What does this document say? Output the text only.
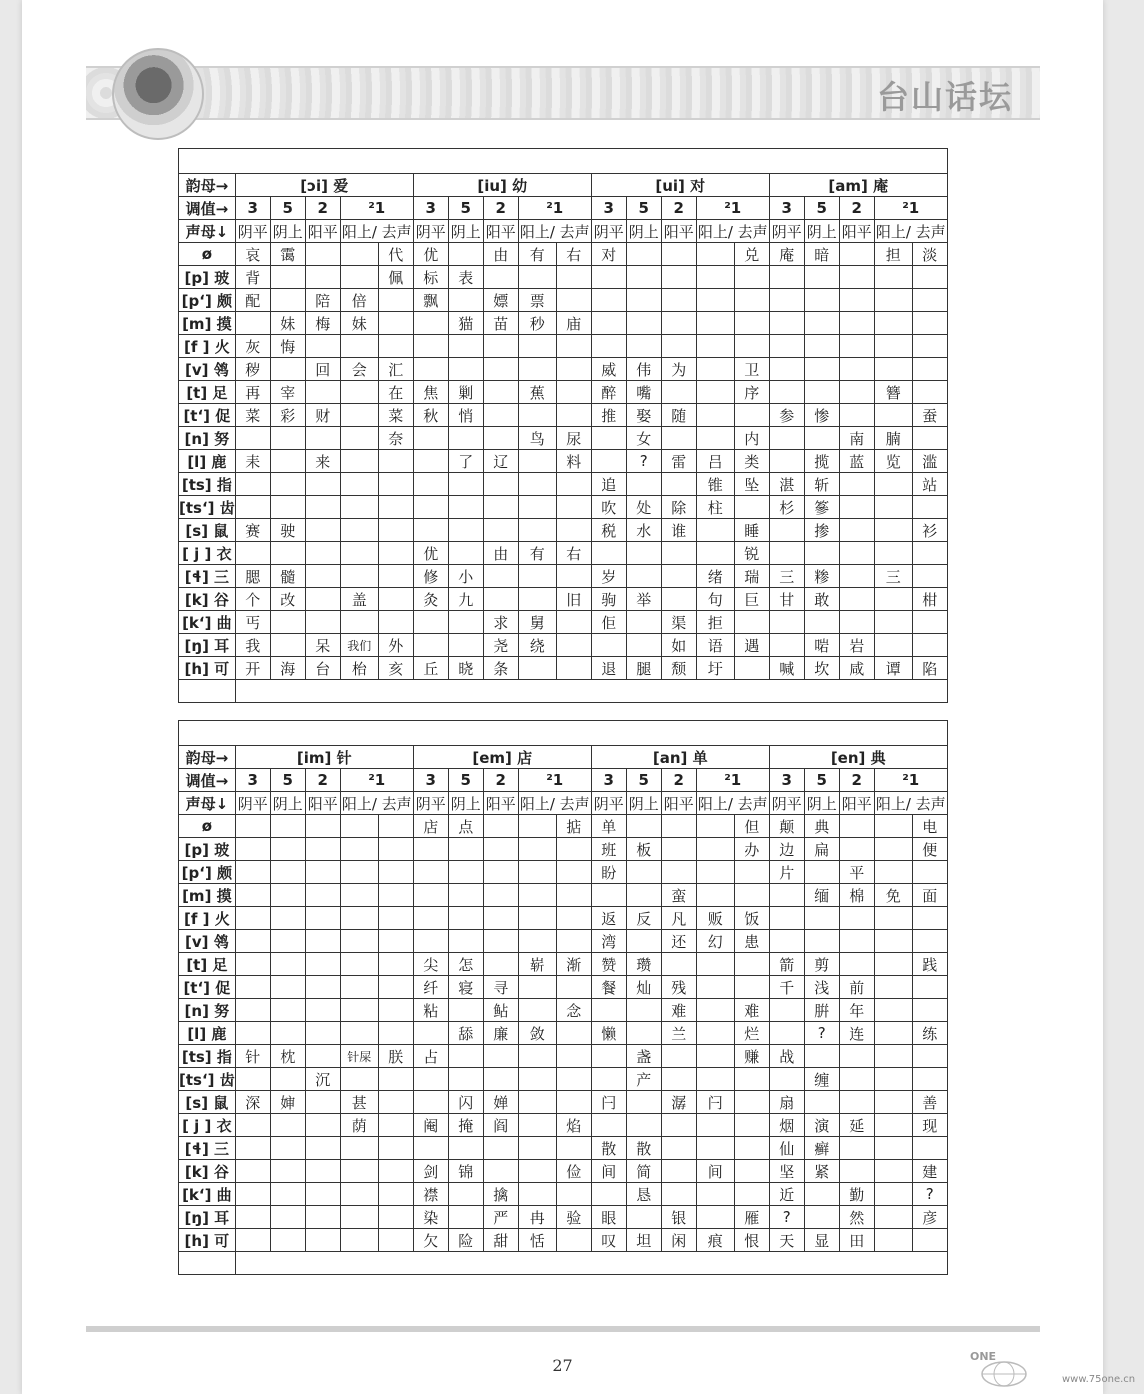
台山话坛

韵母→	[ɔi] 爱					[iu] 幼					[ui] 对					[am] 庵				
调值→	3	5	2	²1		3	5	2	²1		3	5	2	²1		3	5	2	²1	
声母↓	阴平	阴上	阳平	阳上/ 去声		阴平	阴上	阳平	阳上/ 去声		阴平	阴上	阳平	阳上/ 去声		阴平	阴上	阳平	阳上/ 去声	
ø	哀	霭			代	优		由	有	右	对				兑	庵	暗		担	淡
[p] 玻	背				佩	标	表													
[pʻ] 颇	配		陪	倍		飘		嫖	票											
[m] 摸		妹	梅	妹			猫	苗	秒	庙										
[f ] 火	灰	悔																		
[v] 鸰	秽		回	会	汇						威	伟	为		卫					
[t] 足	再	宰			在	焦	剿		蕉		醉	嘴			序				簪	
[tʻ] 促	菜	彩	财		菜	秋	悄				推	娶	随			参	惨			蚕
[n] 努					奈				鸟	尿		女			内			南	腩	
[l] 鹿	耒		来				了	辽		料		?	雷	吕	类		揽	蓝	览	滥
[ts] 指											追			锥	坠	湛	斩			站
[tsʻ] 齿											吹	处	除	柱		杉	篸			
[s] 鼠	赛	驶									税	水	谁		睡		掺			衫
[ j ] 衣						优		由	有	右					锐					
[ɬ] 三	腮	髓				修	小				岁			绪	瑞	三	糁		三	
[k] 谷	个	改		盖		灸	九			旧	驹	举		句	巨	甘	敢			柑
[kʻ] 曲	丐							求	舅		佢		渠	拒						
[ŋ] 耳	我		呆	我们	外			尧	绕				如	语	遇		啱	岩		
[h] 可	开	海	台	枱	亥	丘	晓	条			退	腿	颓	圩		喊	坎	咸	谭	陷

韵母→	[im] 针					[em] 店					[an] 单					[en] 典				
调值→	3	5	2	²1		3	5	2	²1		3	5	2	²1		3	5	2	²1	
声母↓	阴平	阴上	阳平	阳上/ 去声		阴平	阴上	阳平	阳上/ 去声		阴平	阴上	阳平	阳上/ 去声		阴平	阴上	阳平	阳上/ 去声	
ø						店	点			掂	单				但	颠	典			电
[p] 玻											班	板			办	边	扁			便
[pʻ] 颇											盼					片		平		
[m] 摸													蛮				缅	棉	免	面
[f ] 火											返	反	凡	贩	饭					
[v] 鸰											湾		还	幻	患					
[t] 足						尖	怎		崭	渐	赞	瓒				箭	剪			践
[tʻ] 促						纤	寝	寻			餐	灿	残			千	浅	前		
[n] 努						粘		鲇		念			难		难		腁	年		
[l] 鹿							舔	廉	敛		懒		兰		烂		?	连		练
[ts] 指	针	枕		针屎	朕	占						盏			赚	战				
[tsʻ] 齿			沉									产					缠			
[s] 鼠	深	婶		甚			闪	婵			闩		潺	闩		扇				善
[ j ] 衣				荫		阉	掩	阎		焰						烟	演	延		现
[ɬ] 三											散	散				仙	癣			
[k] 谷						剑	锦			俭	间	简		间		坚	紧			建
[kʻ] 曲						襟		擒				恳				近		勤		?
[ŋ] 耳						染		严	冉	验	眼		银		雁	?		然		彦
[h] 可						欠	险	甜	恬		叹	坦	闲	痕	恨	天	显	田		

27	ONE
www.75one.cn
